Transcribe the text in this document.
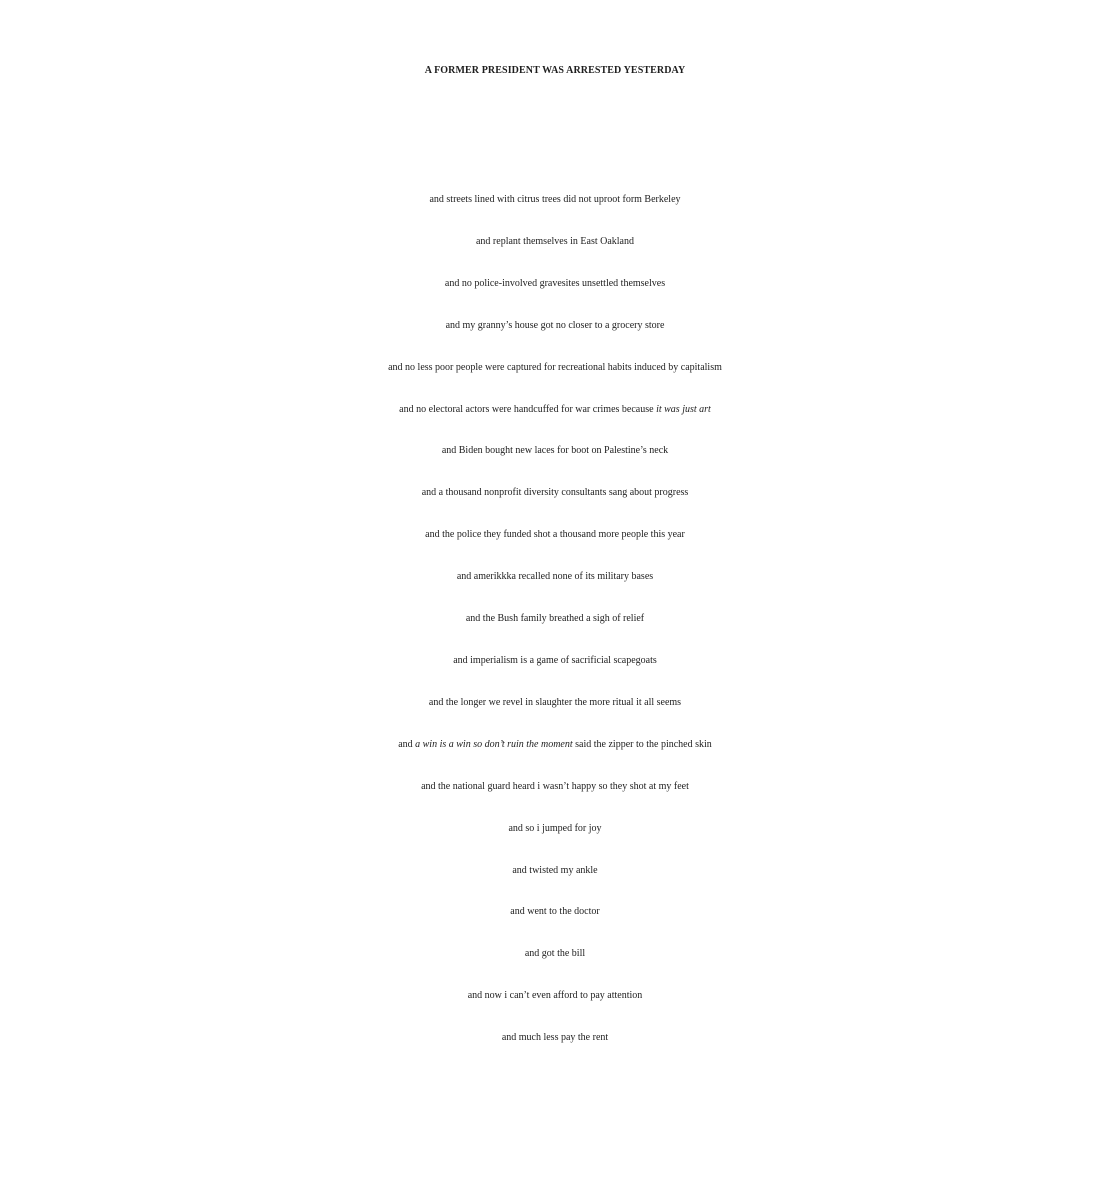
A FORMER PRESIDENT WAS ARRESTED YESTERDAY
and streets lined with citrus trees did not uproot form Berkeley
and replant themselves in East Oakland
and no police-involved gravesites unsettled themselves
and my granny’s house got no closer to a grocery store
and no less poor people were captured for recreational habits induced by capitalism
and no electoral actors were handcuffed for war crimes because it was just art
and Biden bought new laces for boot on Palestine’s neck
and a thousand nonprofit diversity consultants sang about progress
and the police they funded shot a thousand more people this year
and amerikkka recalled none of its military bases
and the Bush family breathed a sigh of relief
and imperialism is a game of sacrificial scapegoats
and the longer we revel in slaughter the more ritual it all seems
and a win is a win so don’t ruin the moment said the zipper to the pinched skin
and the national guard heard i wasn’t happy so they shot at my feet
and so i jumped for joy
and twisted my ankle
and went to the doctor
and got the bill
and now i can’t even afford to pay attention
and much less pay the rent
